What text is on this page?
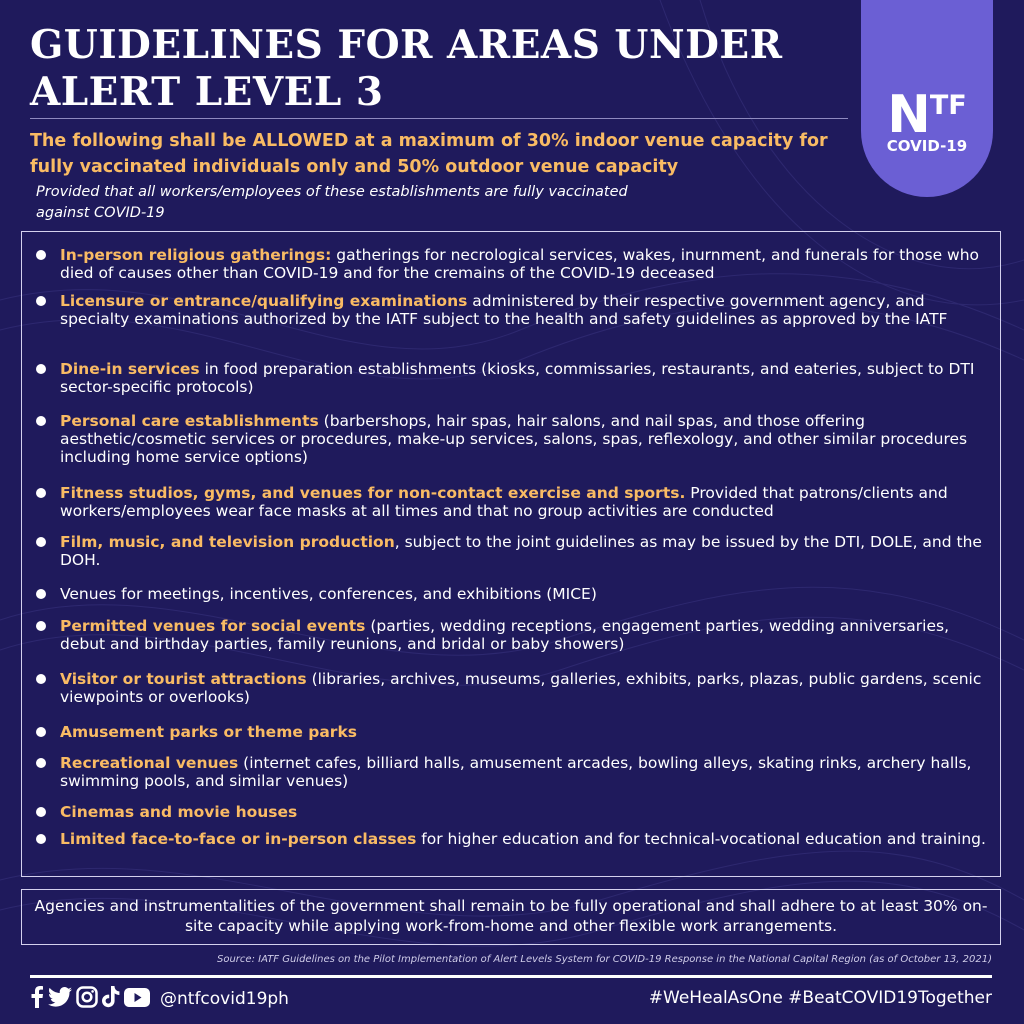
GUIDELINES FOR AREAS UNDER
ALERT LEVEL 3	$N^{TF}$
COVID-19

The following shall be ALLOWED at a maximum of 30% indoor venue capacity for fully vaccinated individuals only and 50% outdoor venue capacity

Provided that all workers/employees of these establishments are fully vaccinated against COVID-19

In-person religious gatherings: gatherings for necrological services, wakes, inurnment, and funerals for those who died of causes other than COVID-19 and for the cremains of the COVID-19 deceased

Licensure or entrance/qualifying examinations administered by their respective government agency, and specialty examinations authorized by the IATF subject to the health and safety guidelines as approved by the IATF

Dine-in services in food preparation establishments (kiosks, commissaries, restaurants, and eateries, subject to DTI sector-specific protocols)

Personal care establishments (barbershops, hair spas, hair salons, and nail spas, and those offering aesthetic/cosmetic services or procedures, make-up services, salons, spas, reflexology, and other similar procedures including home service options)

Fitness studios, gyms, and venues for non-contact exercise and sports. Provided that patrons/clients and workers/employees wear face masks at all times and that no group activities are conducted

Film, music, and television production, subject to the joint guidelines as may be issued by the DTI, DOLE, and the DOH.

Venues for meetings, incentives, conferences, and exhibitions (MICE)

Permitted venues for social events (parties, wedding receptions, engagement parties, wedding anniversaries, debut and birthday parties, family reunions, and bridal or baby showers)

Visitor or tourist attractions (libraries, archives, museums, galleries, exhibits, parks, plazas, public gardens, scenic viewpoints or overlooks)

Amusement parks or theme parks

Recreational venues (internet cafes, billiard halls, amusement arcades, bowling alleys, skating rinks, archery halls, swimming pools, and similar venues)

Cinemas and movie houses

Limited face-to-face or in-person classes for higher education and for technical-vocational education and training.

Agencies and instrumentalities of the government shall remain to be fully operational and shall adhere to at least 30% on-site capacity while applying work-from-home and other flexible work arrangements.

Source: IATF Guidelines on the Pilot Implementation of Alert Levels System for COVID-19 Response in the National Capital Region (as of October 13, 2021)

@ntfcovid19ph	#WeHealAsOne #BeatCOVID19Together
